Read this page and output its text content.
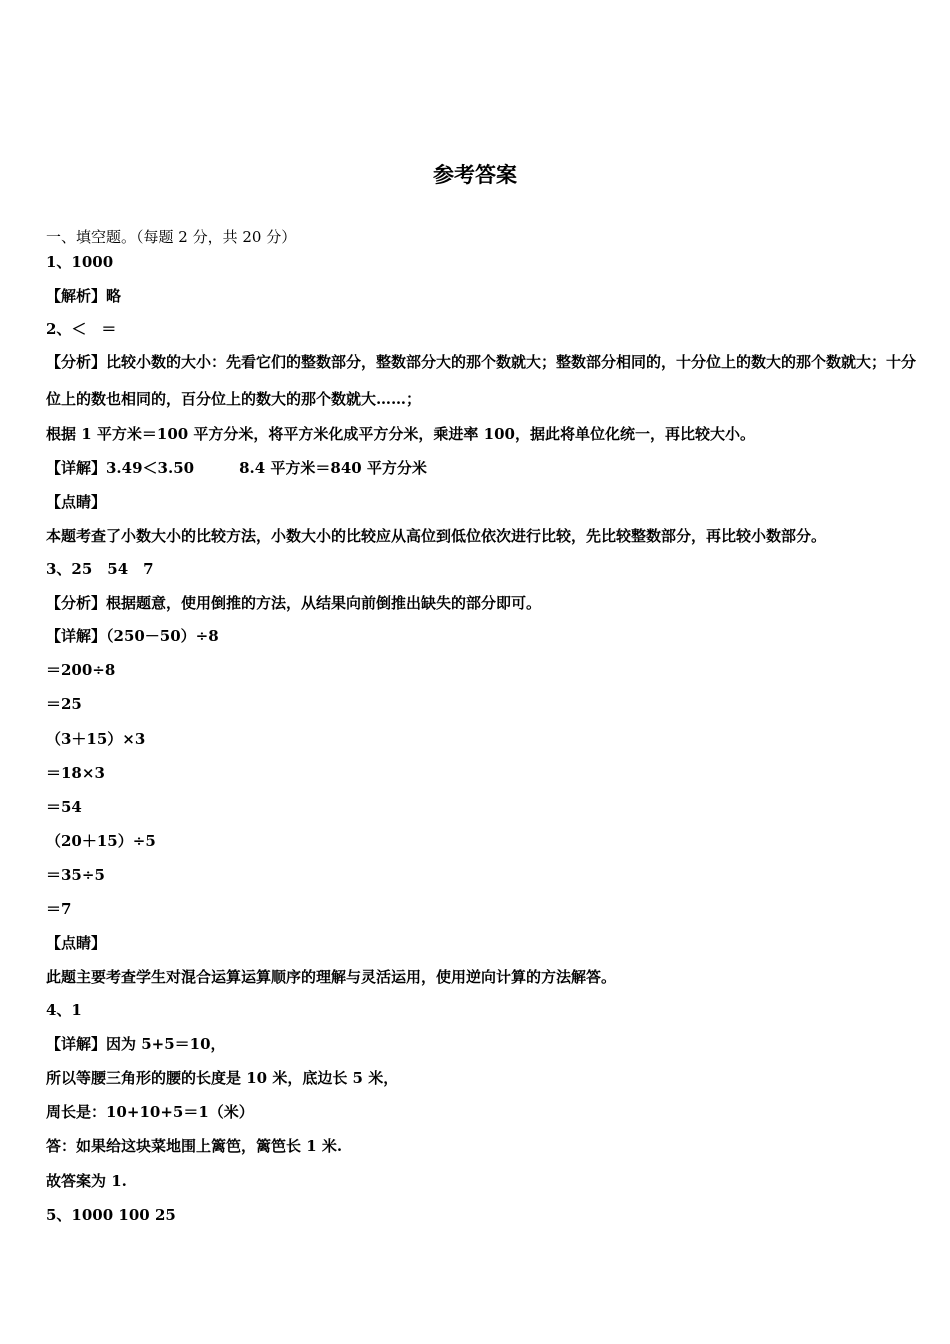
参考答案
一、填空题。（每题 2 分，共 20 分）
1、1000
【解析】略
2、＜　＝
【分析】比较小数的大小：先看它们的整数部分，整数部分大的那个数就大；整数部分相同的，十分位上的数大的那个数就大；十分位上的数也相同的，百分位上的数大的那个数就大……；
根据 1 平方米＝100 平方分米，将平方米化成平方分米，乘进率 100，据此将单位化统一，再比较大小。
【详解】3.49＜3.50　　　8.4 平方米＝840 平方分米
【点睛】
本题考查了小数大小的比较方法，小数大小的比较应从高位到低位依次进行比较，先比较整数部分，再比较小数部分。
3、25　54　7
【分析】根据题意，使用倒推的方法，从结果向前倒推出缺失的部分即可。
【详解】（250－50）÷8
＝200÷8
＝25
（3＋15）×3
＝18×3
＝54
（20＋15）÷5
＝35÷5
＝7
【点睛】
此题主要考查学生对混合运算运算顺序的理解与灵活运用，使用逆向计算的方法解答。
4、1
【详解】因为 5+5＝10，
所以等腰三角形的腰的长度是 10 米，底边长 5 米，
周长是：10+10+5＝1（米）
答：如果给这块菜地围上篱笆，篱笆长 1 米.
故答案为 1.
5、1000 100 25
